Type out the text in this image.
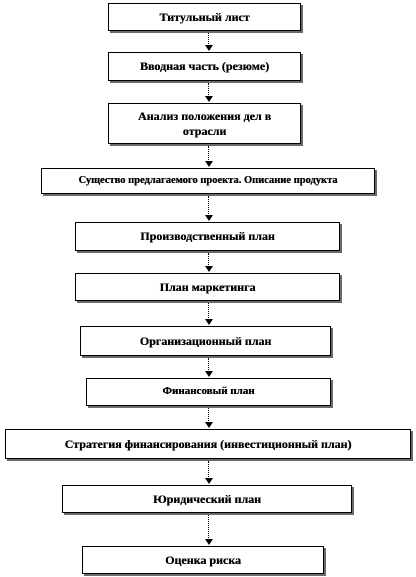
Титульный лист
Вводная часть (резюме)
Анализ положения дел в отрасли
Существо предлагаемого проекта. Описание продукта
Производственный план
План маркетинга
Организационный план
Финансовый план
Стратегия финансирования (инвестиционный план)
Юридический план
Оценка риска
